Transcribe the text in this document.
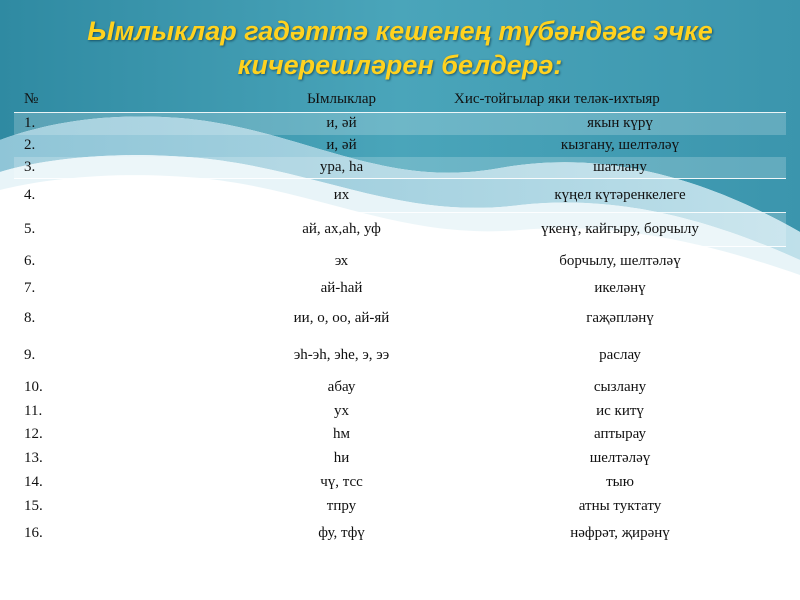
Ымлыклар гадәттә кешенең түбәндәге эчке
кичерешләрен белдерә:
№	Ымлыклар	Хис-тойгылар яки теләк-ихтыяр
1.	и, әй	якын күрү
2.	и, әй	кызгану, шелтәләү
3.	ура, һа	шатлану
4.	их	күңел күтәренкелеге
5.	ай, ах,аһ, уф	үкенү, кайгыру, борчылу
6.	эх	борчылу, шелтәләү
7.	ай-һай	икеләнү
8.	ии, о, оо, ай-яй	гаҗәпләнү
9.	эһ-эһ, эһе, э, ээ	раслау
10.	абау	сызлану
11.	ух	ис китү
12.	һм	аптырау
13.	һи	шелтәләү
14.	чү, тсс	тыю
15.	тпру	атны туктату
16.	фу, тфү	нәфрәт, җирәнү
